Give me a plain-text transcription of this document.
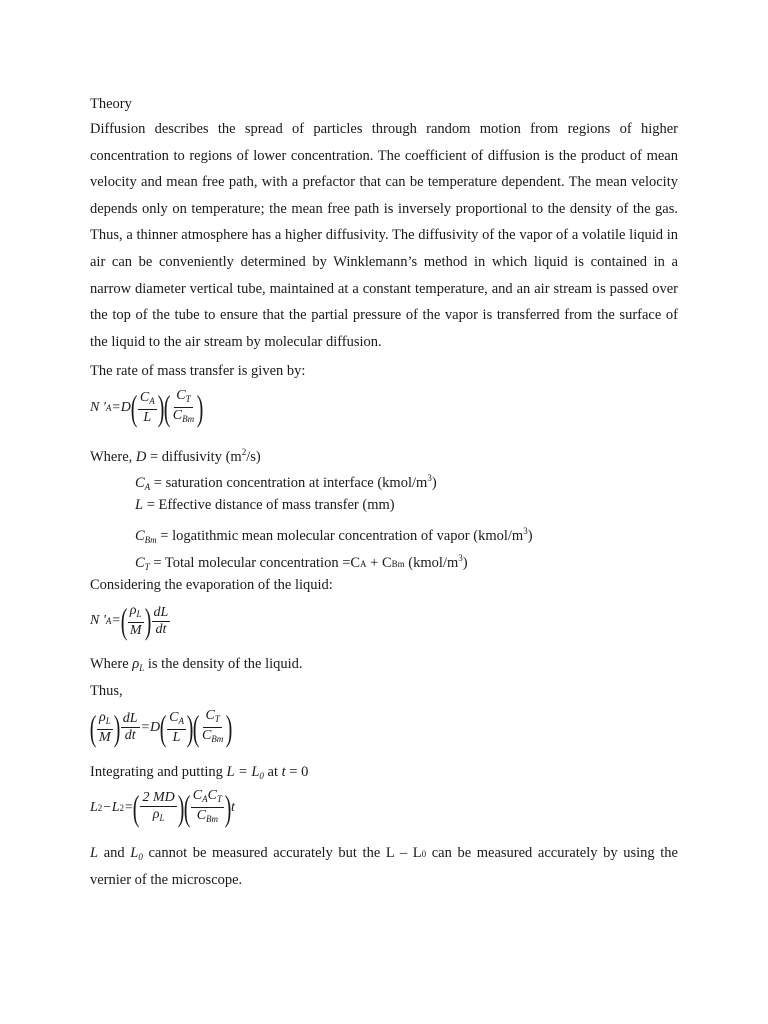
Theory
Diffusion describes the spread of particles through random motion from regions of higher concentration to regions of lower concentration. The coefficient of diffusion is the product of mean velocity and mean free path, with a prefactor that can be temperature dependent. The mean velocity depends only on temperature; the mean free path is inversely proportional to the density of the gas. Thus, a thinner atmosphere has a higher diffusivity. The diffusivity of the vapor of a volatile liquid in air can be conveniently determined by Winklemann’s method in which liquid is contained in a narrow diameter vertical tube, maintained at a constant temperature, and an air stream is passed over the top of the tube to ensure that the partial pressure of the vapor is transferred from the surface of the liquid to the air stream by molecular diffusion.
The rate of mass transfer is given by:
N ' A =D ( $\frac{C_A}{L}$ ) ( $\frac{C_T}{C_{Bm}}$ )
Where, D = diffusivity $(m^2/s)$
$C_A$ = saturation concentration at interface $(kmol/m^3)$
L = Effective distance of mass transfer (mm)
$C_{Bm}$ = logatithmic mean molecular concentration of vapor $(kmol/m^3)$
$C_T$ = Total molecular concentration =CA + CBm $(kmol/m^3)$
Considering the evaporation of the liquid:
N ' A = ( $\frac{\rho_L}{M}$ ) $\frac{dL}{dt}$
Where $\rho_L$ is the density of the liquid.
Thus,
( $\frac{\rho_L}{M}$ ) $\frac{dL}{dt} =D$ ( $\frac{C_A}{L}$ ) ( $\frac{C_T}{C_{Bm}}$ )
Integrating and putting $L = L_0$ at t = 0
L 2 −L 2 = ( $\frac{2 MD}{\rho_L}$ ) ( $\frac{C_AC_T}{C_{Bm}}$ ) t
L and $L_0$ cannot be measured accurately but the L – L0 can be measured accurately by using the
vernier of the microscope.
